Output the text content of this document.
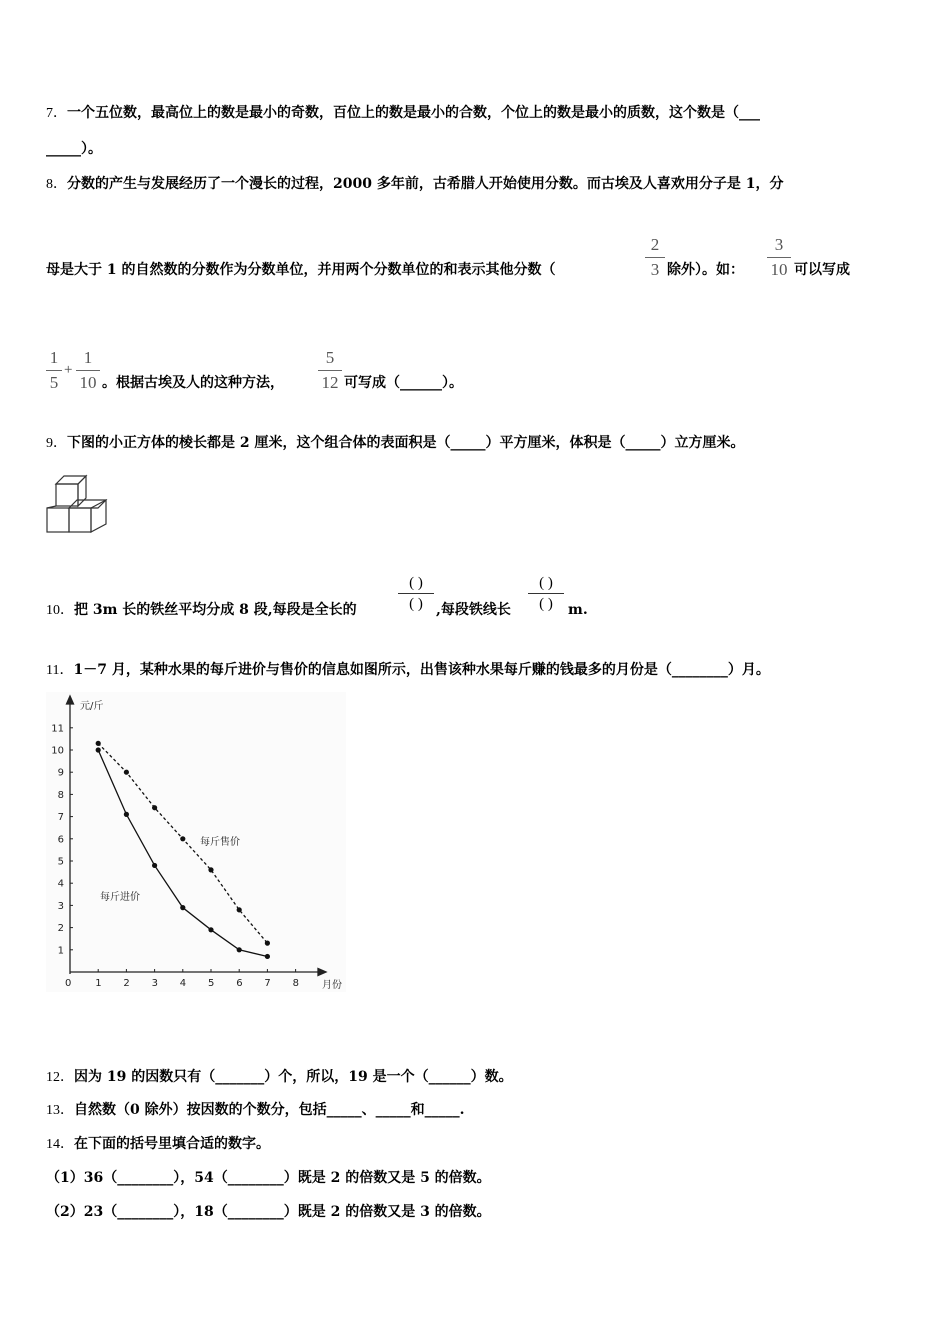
7．一个五位数，最高位上的数是最小的奇数，百位上的数是最小的合数，个位上的数是最小的质数，这个数是（___
_____）。
8．分数的产生与发展经历了一个漫长的过程，2000 多年前，古希腊人开始使用分数。而古埃及人喜欢用分子是 1，分
母是大于 1 的自然数的分数作为分数单位，并用两个分数单位的和表示其他分数（
2
3 除外）。如：
3
10 可以写成
1
5
+
1
10 。根据古埃及人的这种方法，
5
12 可写成（______）。
9．下图的小正方体的棱长都是 2 厘米，这个组合体的表面积是（_____）平方厘米，体积是（_____）立方厘米。
10．把 3m 长的铁丝平均分成 8 段,每段是全长的
( )
( ) ,每段铁线长
( )
( )	m.
11．1－7 月，某种水果的每斤进价与售价的信息如图所示，出售该种水果每斤赚的钱最多的月份是（________）月。
元/斤
月份
0 1 2 3 4 5 6 7 8
1
2
3
4
5
6
7
8
9
10
11
每斤售价
每斤进价
12．因为 19 的因数只有（_______）个，所以，19 是一个（______）数。
13．自然数（0 除外）按因数的个数分，包括_____、_____和_____.
14．在下面的括号里填合适的数字。
（1）36（________），54（________）既是 2 的倍数又是 5 的倍数。
（2）23（________），18（________）既是 2 的倍数又是 3 的倍数。
